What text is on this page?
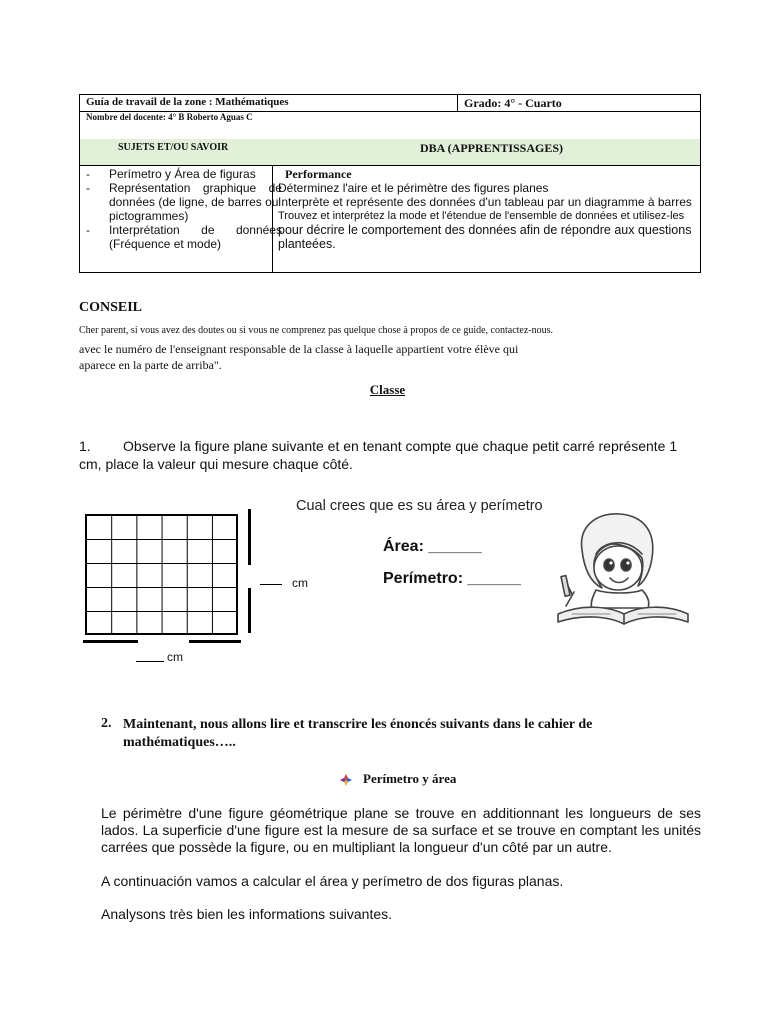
Guía de travail de la zone : Mathématiques	Grado: 4° - Cuarto
Nombre del docente: 4° B Roberto Aguas C
SUJETS ET/OU SAVOIR	DBA (APPRENTISSAGES)
- Perímetro y Área de figuras
- Représentation graphique de
données (de ligne, de barres ou
pictogrammes)
- Interprétation de données
(Fréquence et mode)
Performance
Déterminez l'aire et le périmètre des figures planes
Interprète et représente des données d'un tableau par un diagramme à barres
Trouvez et interprétez la mode et l'étendue de l'ensemble de données et utilisez-les
pour décrire le comportement des données afin de répondre aux questions
planteées.
CONSEIL
Cher parent, si vous avez des doutes ou si vous ne comprenez pas quelque chose à propos de ce guide, contactez-nous.
avec le numéro de l'enseignant responsable de la classe à laquelle appartient votre élève qui
aparece en la parte de arriba".
Classe
1. Observe la figure plane suivante et en tenant compte que chaque petit carré représente 1
cm, place la valeur qui mesure chaque côté.
cm
cm
Cual crees que es su área y perímetro
Área: ______
Perímetro: ______
2. Maintenant, nous allons lire et transcrire les énoncés suivants dans le cahier de
mathématiques…..
Perímetro y área
Le périmètre d'une figure géométrique plane se trouve en additionnant les longueurs de ses lados. La superficie d'une figure est la mesure de sa surface et se trouve en comptant les unités carrées que possède la figure, ou en multipliant la longueur d'un côté par un autre.
A continuación vamos a calcular el área y perímetro de dos figuras planas.
Analysons très bien les informations suivantes.
